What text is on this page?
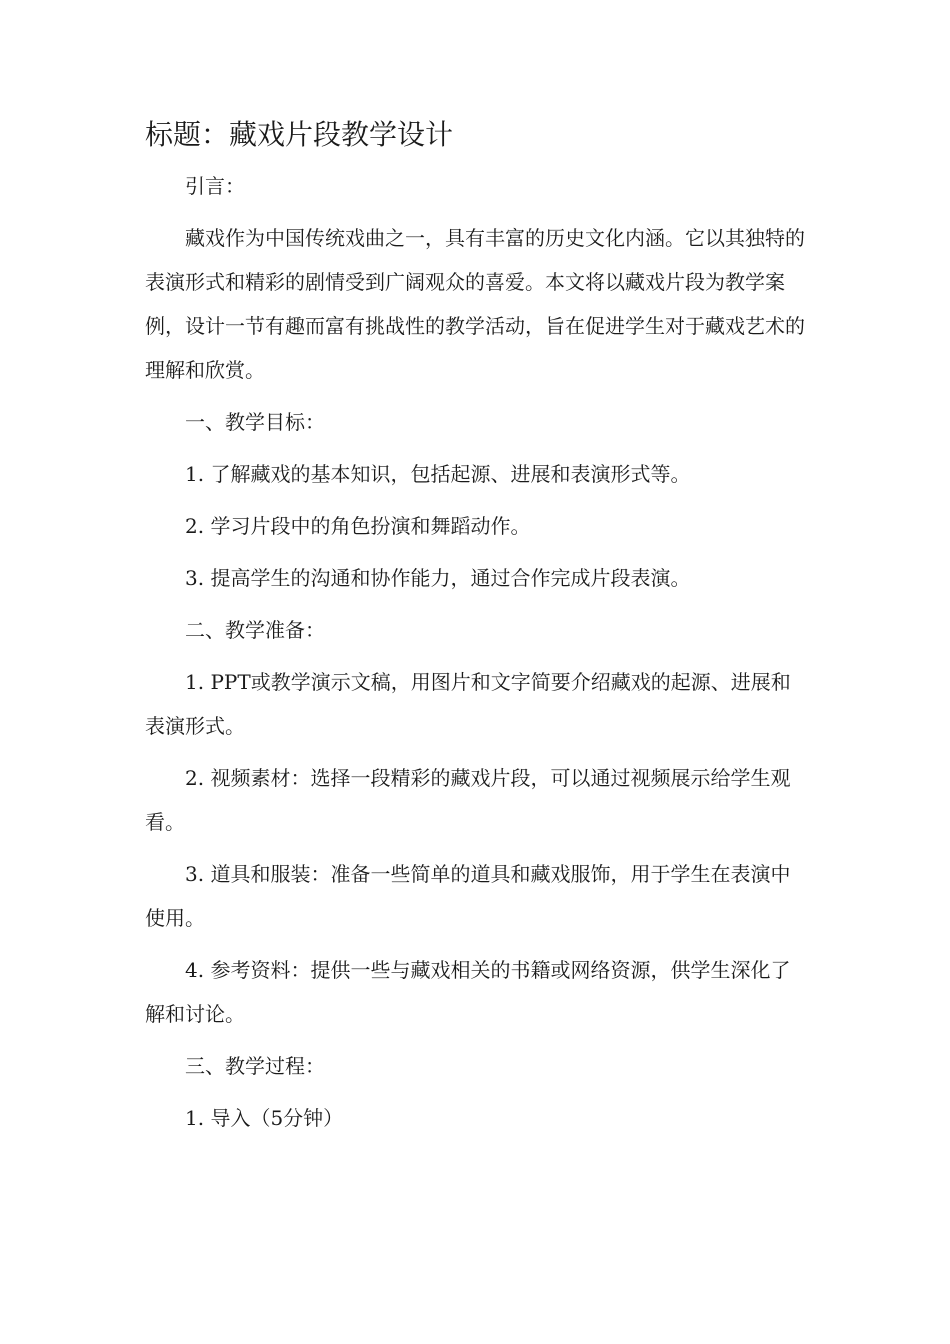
标题：藏戏片段教学设计

引言：

藏戏作为中国传统戏曲之一，具有丰富的历史文化内涵。它以其独特的表演形式和精彩的剧情受到广阔观众的喜爱。本文将以藏戏片段为教学案例，设计一节有趣而富有挑战性的教学活动，旨在促进学生对于藏戏艺术的理解和欣赏。

一、教学目标：

1. 了解藏戏的基本知识，包括起源、进展和表演形式等。

2. 学习片段中的角色扮演和舞蹈动作。

3. 提高学生的沟通和协作能力，通过合作完成片段表演。

二、教学准备：

1. PPT或教学演示文稿，用图片和文字简要介绍藏戏的起源、进展和表演形式。

2. 视频素材：选择一段精彩的藏戏片段，可以通过视频展示给学生观看。

3. 道具和服装：准备一些简单的道具和藏戏服饰，用于学生在表演中使用。

4. 参考资料：提供一些与藏戏相关的书籍或网络资源，供学生深化了解和讨论。

三、教学过程：

1. 导入（5分钟）
